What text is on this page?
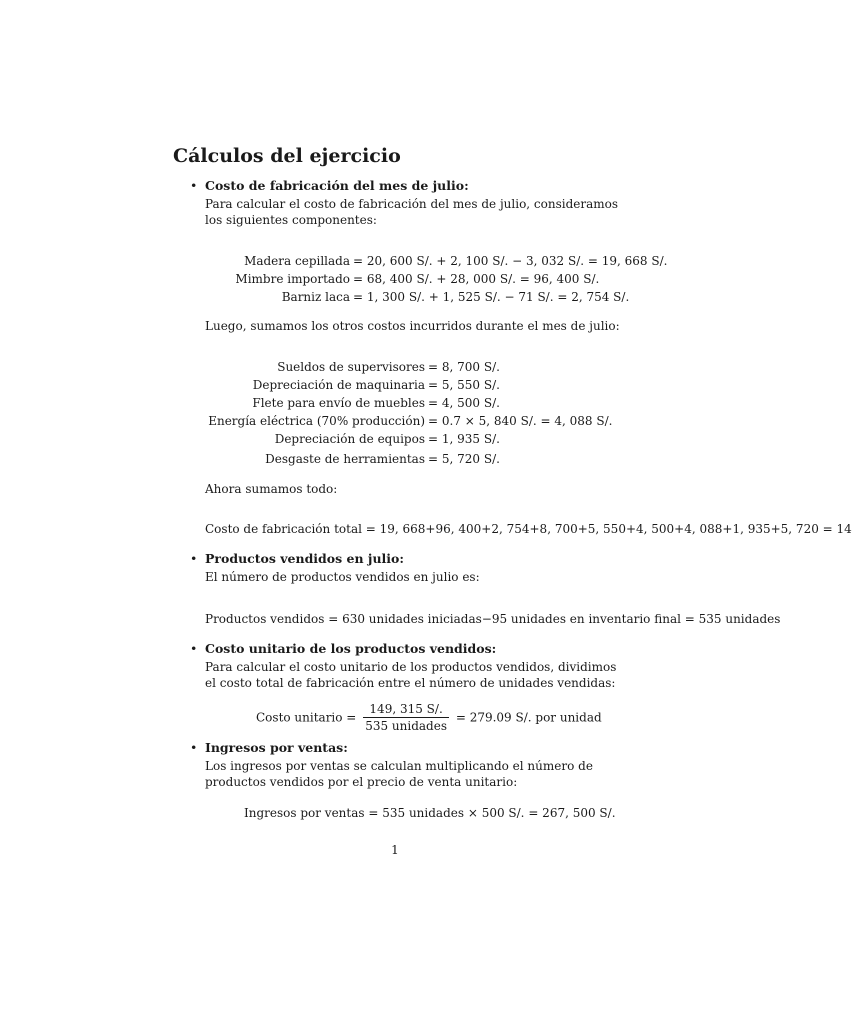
Cálculos del ejercicio
• Costo de fabricación del mes de julio:
Para calcular el costo de fabricación del mes de julio, consideramos los siguientes componentes:
Madera cepillada = 20, 600 S/. + 2, 100 S/. − 3, 032 S/. = 19, 668 S/.
Mimbre importado = 68, 400 S/. + 28, 000 S/. = 96, 400 S/.
Barniz laca = 1, 300 S/. + 1, 525 S/. − 71 S/. = 2, 754 S/.
Luego, sumamos los otros costos incurridos durante el mes de julio:
Sueldos de supervisores = 8, 700 S/.
Depreciación de maquinaria = 5, 550 S/.
Flete para envío de muebles = 4, 500 S/.
Energía eléctrica (70% producción) = 0.7 × 5, 840 S/. = 4, 088 S/.
Depreciación de equipos = 1, 935 S/.
Desgaste de herramientas = 5, 720 S/.
Ahora sumamos todo:
Costo de fabricación total = 19, 668+96, 400+2, 754+8, 700+5, 550+4, 500+4, 088+1, 935+5, 720 = 14
• Productos vendidos en julio:
El número de productos vendidos en julio es:
Productos vendidos = 630 unidades iniciadas−95 unidades en inventario final = 535 unidades
• Costo unitario de los productos vendidos:
Para calcular el costo unitario de los productos vendidos, dividimos el costo total de fabricación entre el número de unidades vendidas:
Costo unitario = $\frac{149, 315 S/.}{\text{535 unidades}} = 279.09$ S/. por unidad
• Ingresos por ventas:
Los ingresos por ventas se calculan multiplicando el número de productos vendidos por el precio de venta unitario:
Ingresos por ventas = 535 unidades × 500 S/. = 267, 500 S/.
1
